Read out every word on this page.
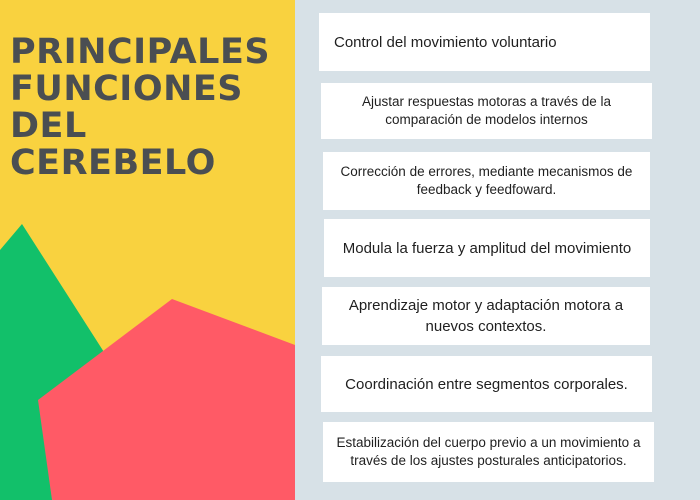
PRINCIPALES
FUNCIONES
DEL
CEREBELO
Control del movimiento voluntario
Ajustar respuestas motoras a través de la comparación de modelos internos
Corrección de errores, mediante mecanismos de feedback y feedfoward.
Modula la fuerza y amplitud del movimiento
Aprendizaje motor y adaptación motora a nuevos contextos.
Coordinación entre segmentos corporales.
Estabilización del cuerpo previo a un movimiento a través de los ajustes posturales anticipatorios.
